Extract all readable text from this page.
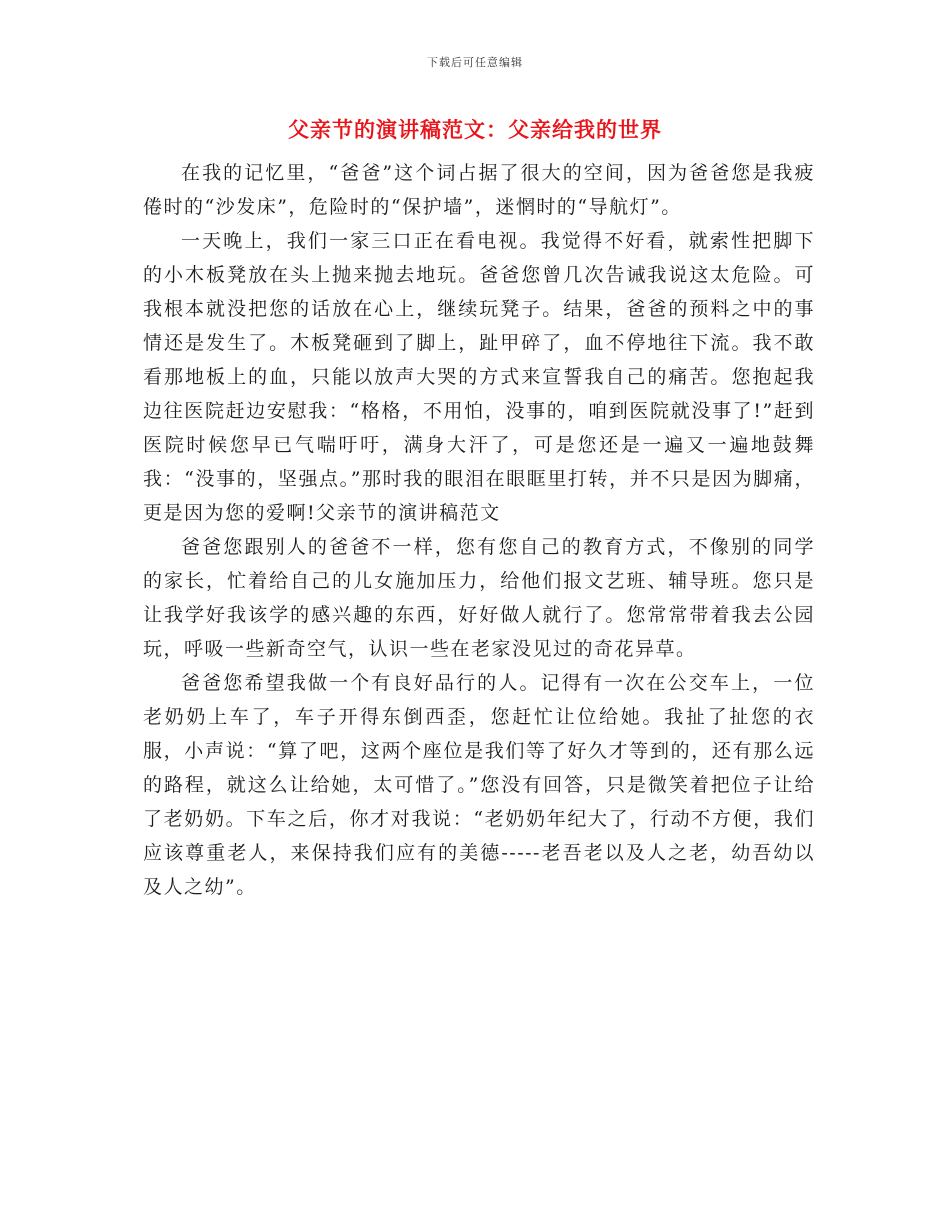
下载后可任意编辑
父亲节的演讲稿范文：父亲给我的世界

在我的记忆里，“爸爸”这个词占据了很大的空间，因为爸爸您是我疲倦时的“沙发床”，危险时的“保护墙”，迷惘时的“导航灯”。

一天晚上，我们一家三口正在看电视。我觉得不好看，就索性把脚下的小木板凳放在头上抛来抛去地玩。爸爸您曾几次告诫我说这太危险。可我根本就没把您的话放在心上，继续玩凳子。结果，爸爸的预料之中的事情还是发生了。木板凳砸到了脚上，趾甲碎了，血不停地往下流。我不敢看那地板上的血，只能以放声大哭的方式来宣誓我自己的痛苦。您抱起我边往医院赶边安慰我：“格格，不用怕，没事的，咱到医院就没事了!”赶到医院时候您早已气喘吁吁，满身大汗了，可是您还是一遍又一遍地鼓舞我：“没事的，坚强点。”那时我的眼泪在眼眶里打转，并不只是因为脚痛，更是因为您的爱啊!父亲节的演讲稿范文

爸爸您跟别人的爸爸不一样，您有您自己的教育方式，不像别的同学的家长，忙着给自己的儿女施加压力，给他们报文艺班、辅导班。您只是让我学好我该学的感兴趣的东西，好好做人就行了。您常常带着我去公园玩，呼吸一些新奇空气，认识一些在老家没见过的奇花异草。

爸爸您希望我做一个有良好品行的人。记得有一次在公交车上，一位老奶奶上车了，车子开得东倒西歪，您赶忙让位给她。我扯了扯您的衣服，小声说：“算了吧，这两个座位是我们等了好久才等到的，还有那么远的路程，就这么让给她，太可惜了。”您没有回答，只是微笑着把位子让给了老奶奶。下车之后，你才对我说：“老奶奶年纪大了，行动不方便，我们应该尊重老人，来保持我们应有的美德-----老吾老以及人之老，幼吾幼以及人之幼”。
